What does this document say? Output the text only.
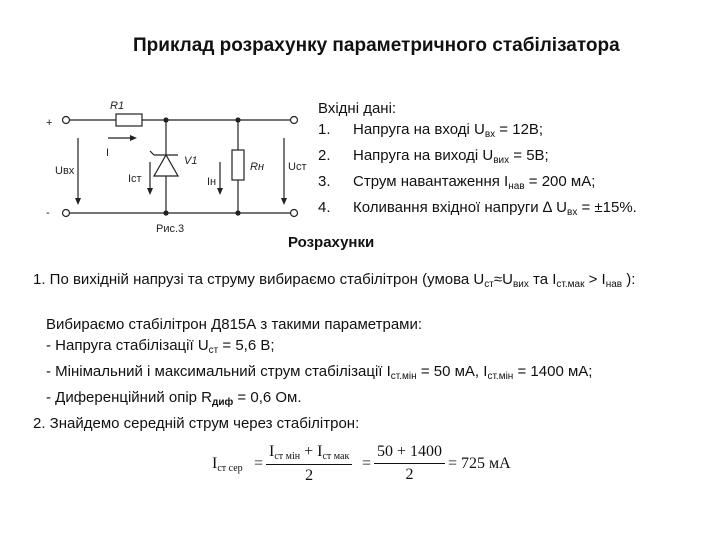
Приклад розрахунку параметричного стабілізатора
+
-
R1
I
Uвх
Iст
V1
Iн
Rн Uст
Рис.3
Вхідні дані:
1.	Напруга на вході $U_{вх} = 12В$;
2.	Напруга на виході $U_{вих} = 5В$;
3.	Струм навантаження $I_{нав} = 200$ мА;
4.	Коливання вхідної напруги ∆ $U_{вх} = \pm 15\%$.
Розрахунки
1. По вихідній напрузі та струму вибираємо стабілітрон (умова $U_{ст}\approx U_{вих}$ та $I_{ст.мак} > I_{нав}$ ):
Вибираємо стабілітрон Д815А з такими параметрами:
- Напруга стабілізації $U_{ст} = 5,6$ В;
- Мінімальний і максимальний струм стабілізації $I_{ст.мін} = 50$ мА, $I_{ст.мін} = 1400$ мА;
- Диференційний опір $R_{диф} = 0,6$ Ом.
2. Знайдемо середній струм через стабілітрон:
$I_{ст сер}$ =
$I_{ст мін} + I_{ст мак}$
2
=
50 + 1400
2
= 725 мА
